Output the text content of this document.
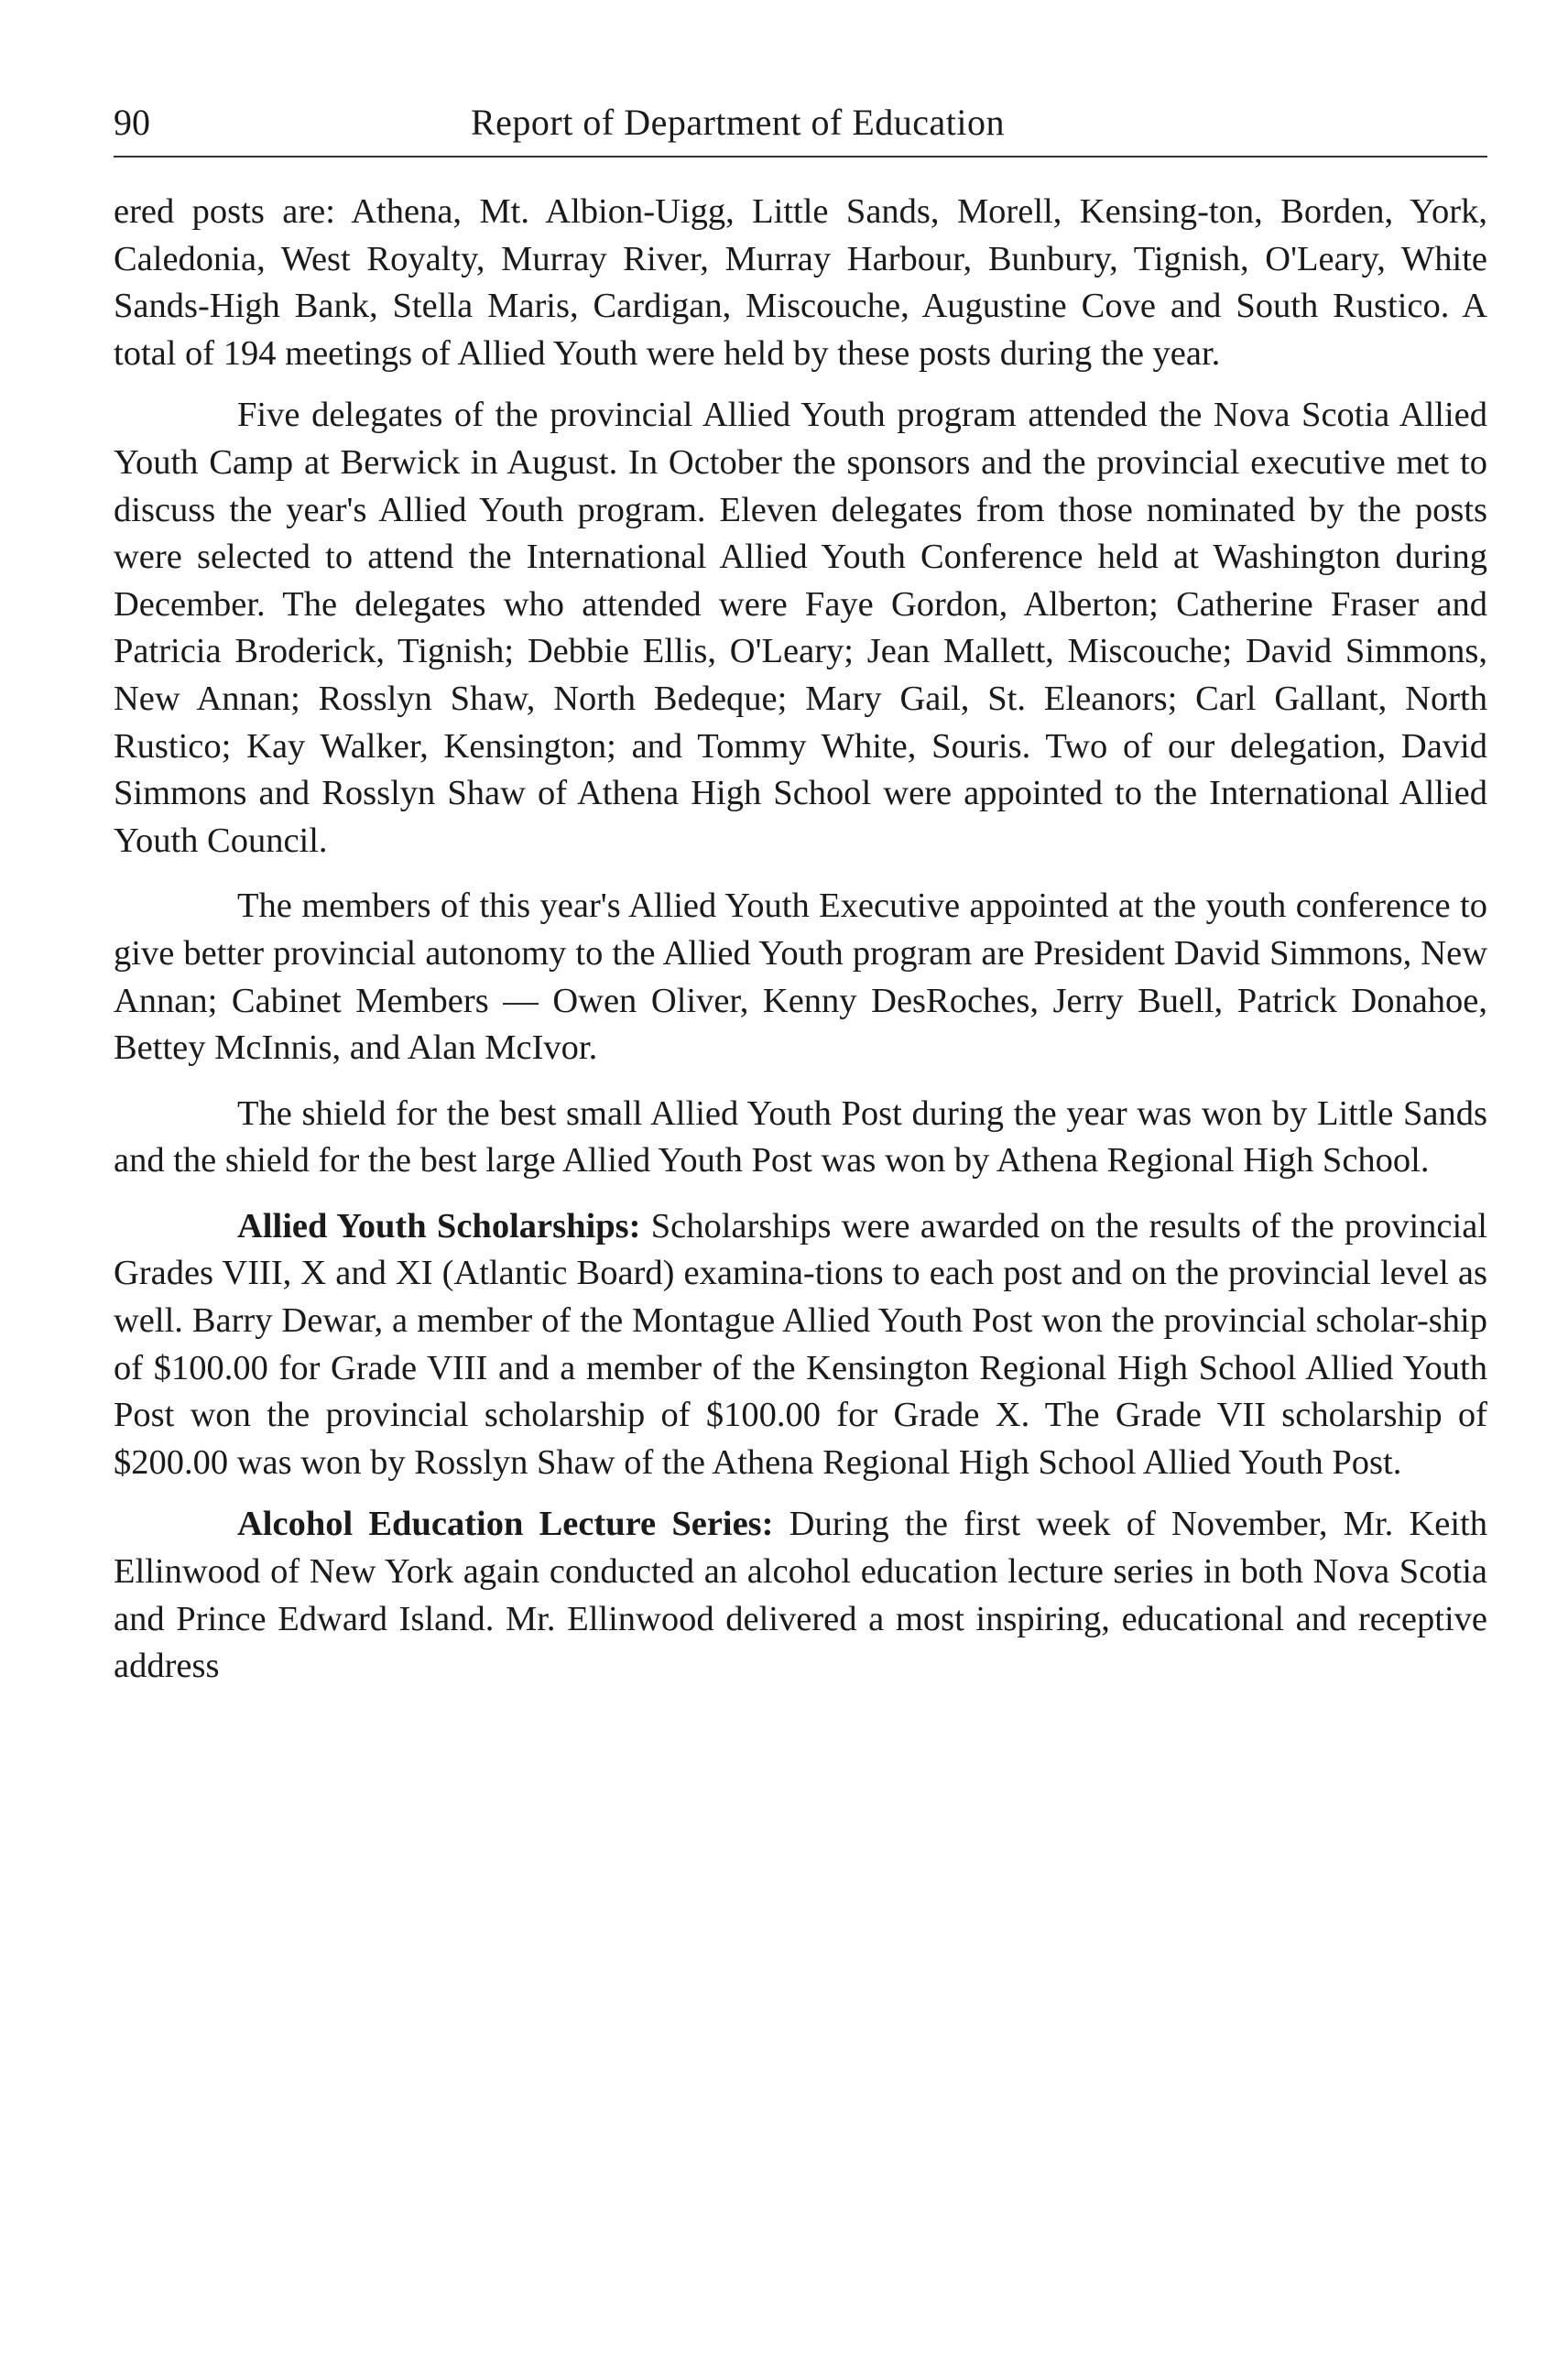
90	Report of Department of Education

ered posts are: Athena, Mt. Albion-Uigg, Little Sands, Morell, Kensing-ton, Borden, York, Caledonia, West Royalty, Murray River, Murray Harbour, Bunbury, Tignish, O'Leary, White Sands-High Bank, Stella Maris, Cardigan, Miscouche, Augustine Cove and South Rustico. A total of 194 meetings of Allied Youth were held by these posts during the year.

Five delegates of the provincial Allied Youth program attended the Nova Scotia Allied Youth Camp at Berwick in August. In October the sponsors and the provincial executive met to discuss the year's Allied Youth program. Eleven delegates from those nominated by the posts were selected to attend the International Allied Youth Conference held at Washington during December. The delegates who attended were Faye Gordon, Alberton; Catherine Fraser and Patricia Broderick, Tignish; Debbie Ellis, O'Leary; Jean Mallett, Miscouche; David Simmons, New Annan; Rosslyn Shaw, North Bedeque; Mary Gail, St. Eleanors; Carl Gallant, North Rustico; Kay Walker, Kensington; and Tommy White, Souris. Two of our delegation, David Simmons and Rosslyn Shaw of Athena High School were appointed to the International Allied Youth Council.

The members of this year's Allied Youth Executive appointed at the youth conference to give better provincial autonomy to the Allied Youth program are President David Simmons, New Annan; Cabinet Members — Owen Oliver, Kenny DesRoches, Jerry Buell, Patrick Donahoe, Bettey McInnis, and Alan McIvor.

The shield for the best small Allied Youth Post during the year was won by Little Sands and the shield for the best large Allied Youth Post was won by Athena Regional High School.

Allied Youth Scholarships: Scholarships were awarded on the results of the provincial Grades VIII, X and XI (Atlantic Board) examina-tions to each post and on the provincial level as well. Barry Dewar, a member of the Montague Allied Youth Post won the provincial scholar-ship of $100.00 for Grade VIII and a member of the Kensington Regional High School Allied Youth Post won the provincial scholarship of $100.00 for Grade X. The Grade VII scholarship of $200.00 was won by Rosslyn Shaw of the Athena Regional High School Allied Youth Post.

Alcohol Education Lecture Series: During the first week of November, Mr. Keith Ellinwood of New York again conducted an alcohol education lecture series in both Nova Scotia and Prince Edward Island. Mr. Ellinwood delivered a most inspiring, educational and receptive address
